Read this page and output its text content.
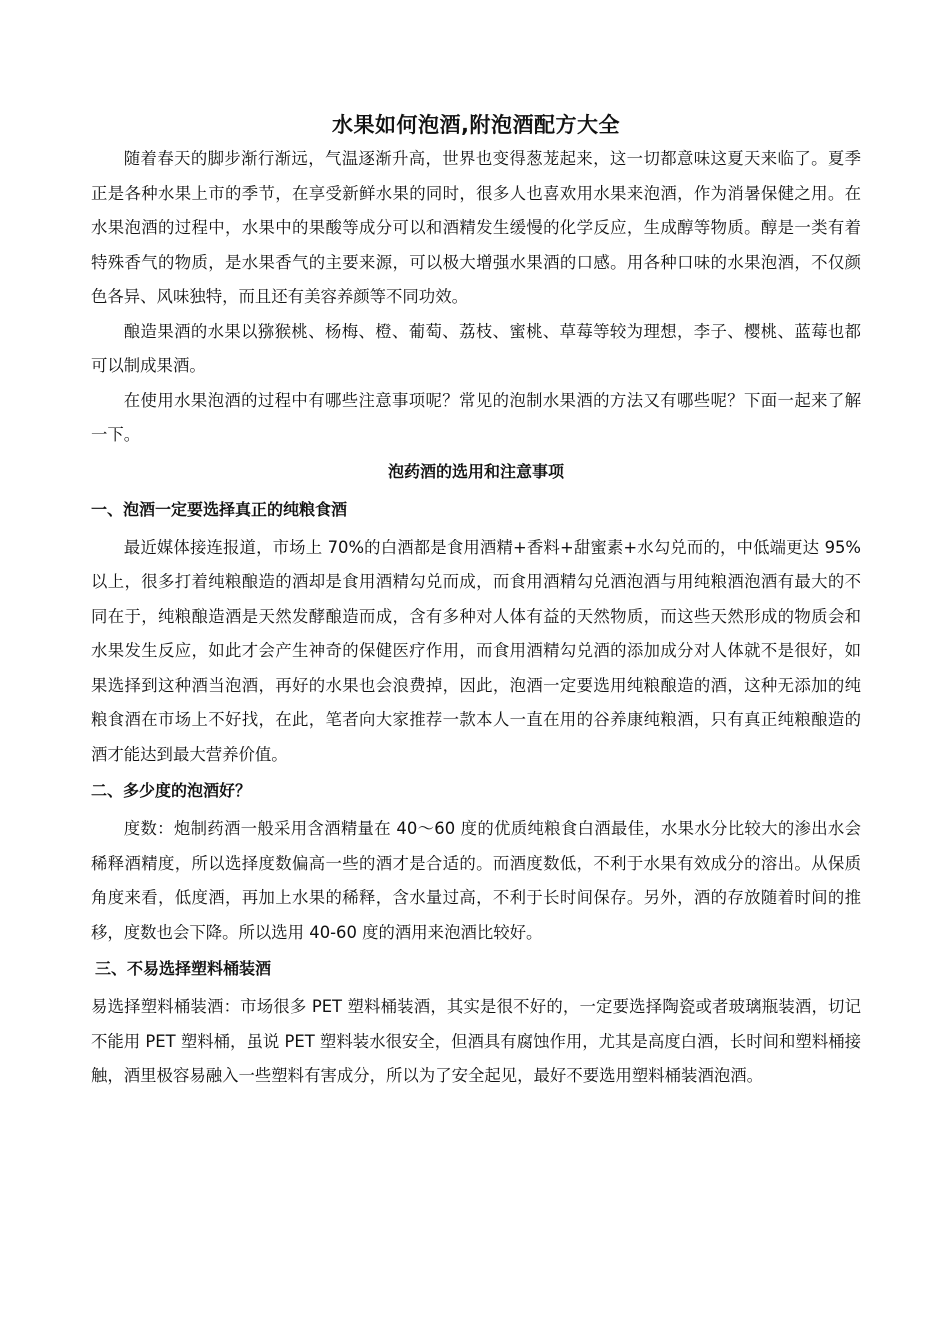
水果如何泡酒,附泡酒配方大全

随着春天的脚步渐行渐远，气温逐渐升高，世界也变得葱茏起来，这一切都意味这夏天来临了。夏季正是各种水果上市的季节，在享受新鲜水果的同时，很多人也喜欢用水果来泡酒，作为消暑保健之用。在水果泡酒的过程中，水果中的果酸等成分可以和酒精发生缓慢的化学反应，生成醇等物质。醇是一类有着特殊香气的物质，是水果香气的主要来源，可以极大增强水果酒的口感。用各种口味的水果泡酒，不仅颜色各异、风味独特，而且还有美容养颜等不同功效。

酿造果酒的水果以猕猴桃、杨梅、橙、葡萄、荔枝、蜜桃、草莓等较为理想，李子、樱桃、蓝莓也都可以制成果酒。

在使用水果泡酒的过程中有哪些注意事项呢？常见的泡制水果酒的方法又有哪些呢？下面一起来了解一下。

泡药酒的选用和注意事项
一、泡酒一定要选择真正的纯粮食酒

最近媒体接连报道，市场上 70%的白酒都是食用酒精+香料+甜蜜素+水勾兑而的，中低端更达 95%以上，很多打着纯粮酿造的酒却是食用酒精勾兑而成，而食用酒精勾兑酒泡酒与用纯粮酒泡酒有最大的不同在于，纯粮酿造酒是天然发酵酿造而成，含有多种对人体有益的天然物质，而这些天然形成的物质会和水果发生反应，如此才会产生神奇的保健医疗作用，而食用酒精勾兑酒的添加成分对人体就不是很好，如果选择到这种酒当泡酒，再好的水果也会浪费掉，因此，泡酒一定要选用纯粮酿造的酒，这种无添加的纯粮食酒在市场上不好找，在此，笔者向大家推荐一款本人一直在用的谷养康纯粮酒，只有真正纯粮酿造的酒才能达到最大营养价值。

二、多少度的泡酒好？

度数：炮制药酒一般采用含酒精量在 40～60 度的优质纯粮食白酒最佳，水果水分比较大的渗出水会稀释酒精度，所以选择度数偏高一些的酒才是合适的。而酒度数低，不利于水果有效成分的溶出。从保质角度来看，低度酒，再加上水果的稀释，含水量过高，不利于长时间保存。另外，酒的存放随着时间的推移，度数也会下降。所以选用 40-60 度的酒用来泡酒比较好。

三、不易选择塑料桶装酒

易选择塑料桶装酒：市场很多 PET 塑料桶装酒，其实是很不好的，一定要选择陶瓷或者玻璃瓶装酒，切记不能用 PET 塑料桶，虽说 PET 塑料装水很安全，但酒具有腐蚀作用，尤其是高度白酒，长时间和塑料桶接触，酒里极容易融入一些塑料有害成分，所以为了安全起见，最好不要选用塑料桶装酒泡酒。
